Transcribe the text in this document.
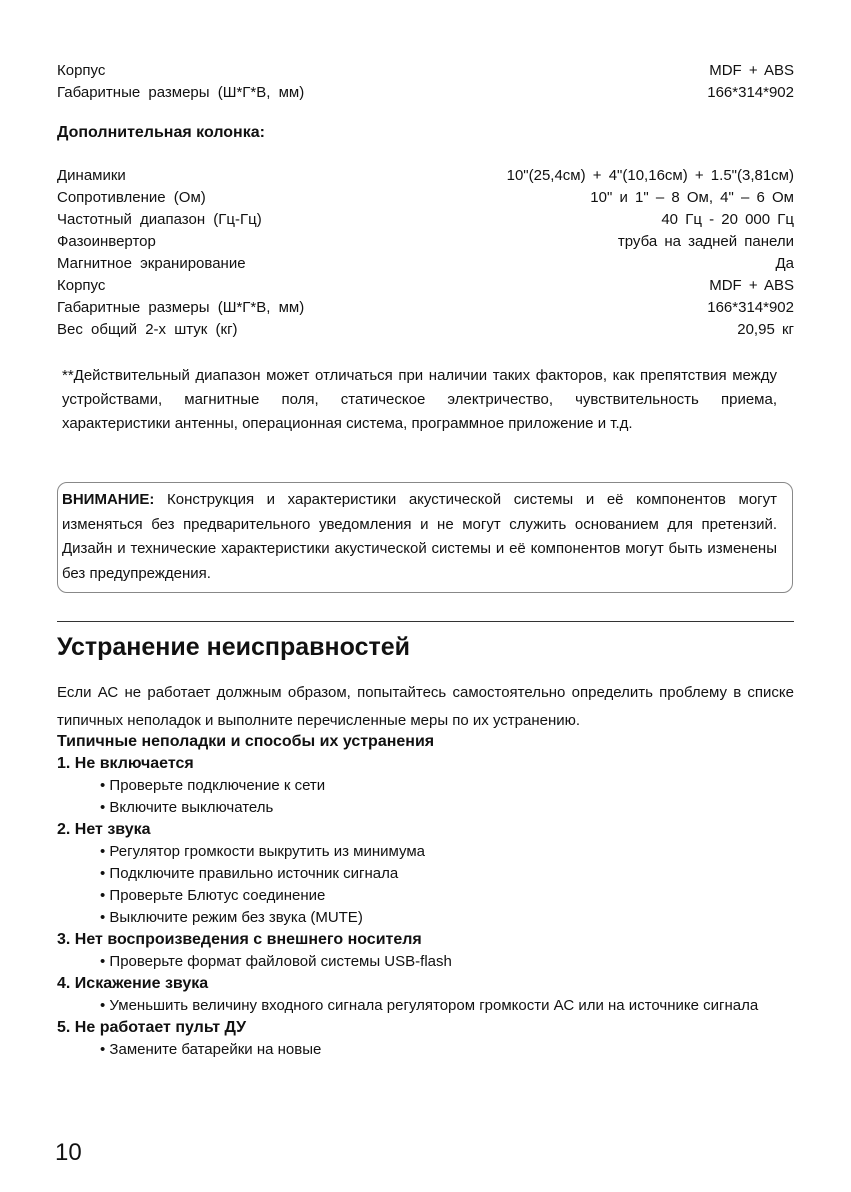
Корпус	MDF + ABS
Габаритные размеры (Ш*Г*В, мм)	166*314*902
Дополнительная колонка:
Динамики	10"(25,4см) + 4"(10,16см) + 1.5"(3,81см)
Сопротивление (Ом)	10" и 1" – 8 Ом, 4" – 6 Ом
Частотный диапазон (Гц-Гц)	40 Гц - 20 000 Гц
Фазоинвертор	труба на задней панели
Магнитное экранирование	Да
Корпус	MDF + ABS
Габаритные размеры (Ш*Г*В, мм)	166*314*902
Вес общий 2-х штук (кг)	20,95 кг
**Действительный диапазон может отличаться при наличии таких факторов, как препятствия между устройствами, магнитные поля, статическое электричество, чувствительность приема, характеристики антенны, операционная система, программное приложение и т.д.
ВНИМАНИЕ: Конструкция и характеристики акустической системы и её компонентов могут изменяться без предварительного уведомления и не могут служить основанием для претензий. Дизайн и технические характеристики акустической системы и её компонентов могут быть изменены без предупреждения.
Устранение неисправностей
Если АС не работает должным образом, попытайтесь самостоятельно определить проблему в списке типичных неполадок и выполните перечисленные меры по их устранению.
Типичные неполадки и способы их устранения
1. Не включается
• Проверьте подключение к сети
• Включите выключатель
2. Нет звука
• Регулятор громкости выкрутить из минимума
• Подключите правильно источник сигнала
• Проверьте Блютус соединение
• Выключите режим без звука (MUTE)
3. Нет воспроизведения с внешнего носителя
• Проверьте формат файловой системы USB-flash
4. Искажение звука
• Уменьшить величину входного сигнала регулятором громкости АС или на источнике сигнала
5. Не работает пульт ДУ
• Замените батарейки на новые
10
